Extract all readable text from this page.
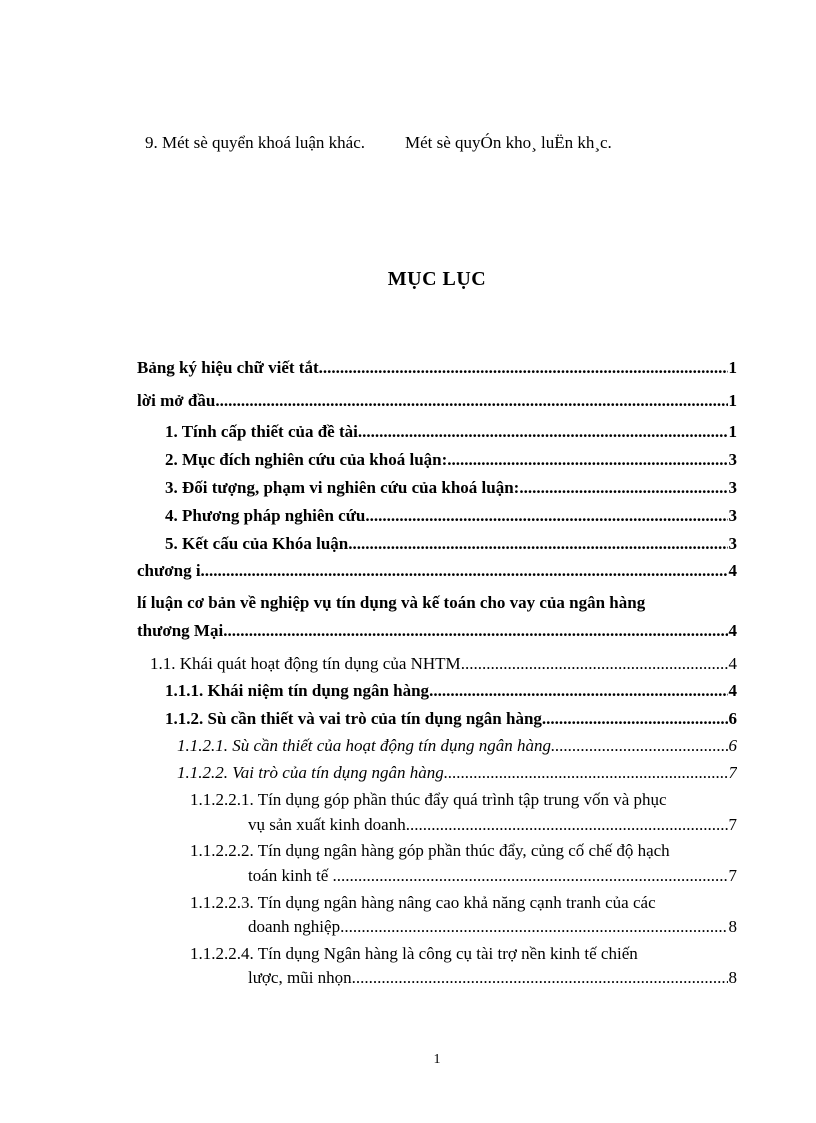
9. Mét sè quyển khoá luận khác. Mét sè quyÓn kho¸ luËn kh¸c.
MỤC LỤC
Bảng ký hiệu chữ viết tắt .....	1
lời mở đầu .....	1
1. Tính cấp thiết của đề tài .....	1
2. Mục đích nghiên cứu của khoá luận: .....	3
3. Đối tượng, phạm vi nghiên cứu của khoá luận: .....	3
4. Phương pháp nghiên cứu .....	3
5. Kết cấu của Khóa luận. .....	3
chương i .....	4
lí luận cơ bản về nghiệp vụ tín dụng và kế toán cho vay của ngân hàng
thương Mại .....	4
1.1. Khái quát hoạt động tín dụng của NHTM .....	4
1.1.1. Khái niệm tín dụng ngân hàng .....	4
1.1.2. Sù cần thiết và vai trò của tín dụng ngân hàng. .....	6
1.1.2.1. Sù cần thiết của hoạt động tín dụng ngân hàng. .....	6
1.1.2.2. Vai trò của tín dụng ngân hàng .....	7
1.1.2.2.1. Tín dụng góp phần thúc đẩy quá trình tập trung vốn và phục
vụ sản xuất kinh doanh. .....	7
1.1.2.2.2. Tín dụng ngân hàng góp phần thúc đẩy, củng cố chế độ hạch
toán kinh tế . .....	7
1.1.2.2.3. Tín dụng ngân hàng nâng cao khả năng cạnh tranh của các
doanh nghiệp. .....	8
1.1.2.2.4. Tín dụng Ngân hàng là công cụ tài trợ nền kinh tế chiến
lược, mũi nhọn. .....	8
1
